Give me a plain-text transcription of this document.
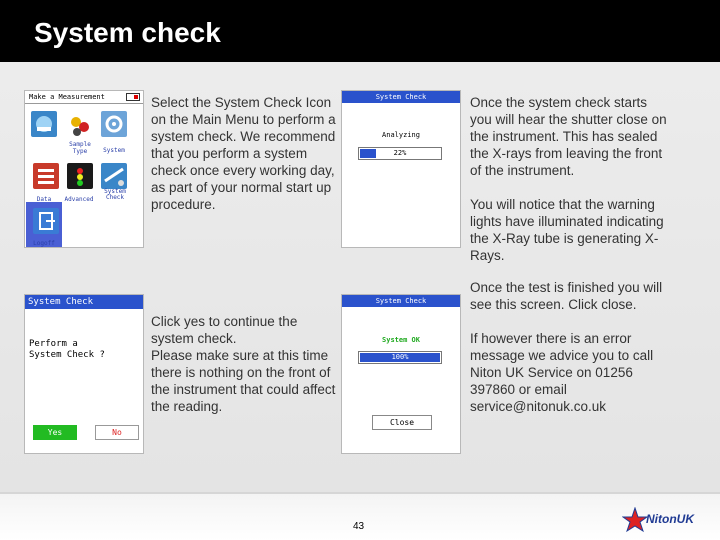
System check
Make a Measurement
Analyze
Sample Type	System
Data	Advanced
System Check
Logoff

Select the System Check Icon on the Main Menu to perform a system check. We recommend that you perform a system check once every working day, as part of your normal start up procedure.

System Check
Analyzing
22%

Once the system check starts you will hear the shutter close on the instrument. This has sealed the X-rays from leaving the front of the instrument.

You will notice that the warning lights have illuminated indicating the X-Ray tube is generating X-Rays.

System Check
Perform a
System Check ?
Yes	No

Click yes to continue the system check.
Please make sure at this time there is nothing on the front of the instrument that could affect the reading.

System Check
System OK
100%
Close

Once the test is finished you will see this screen. Click close.

If however there is an error message we advice you to call Niton UK Service on 01256 397860 or email service@nitonuk.co.uk

43
NitonUK
